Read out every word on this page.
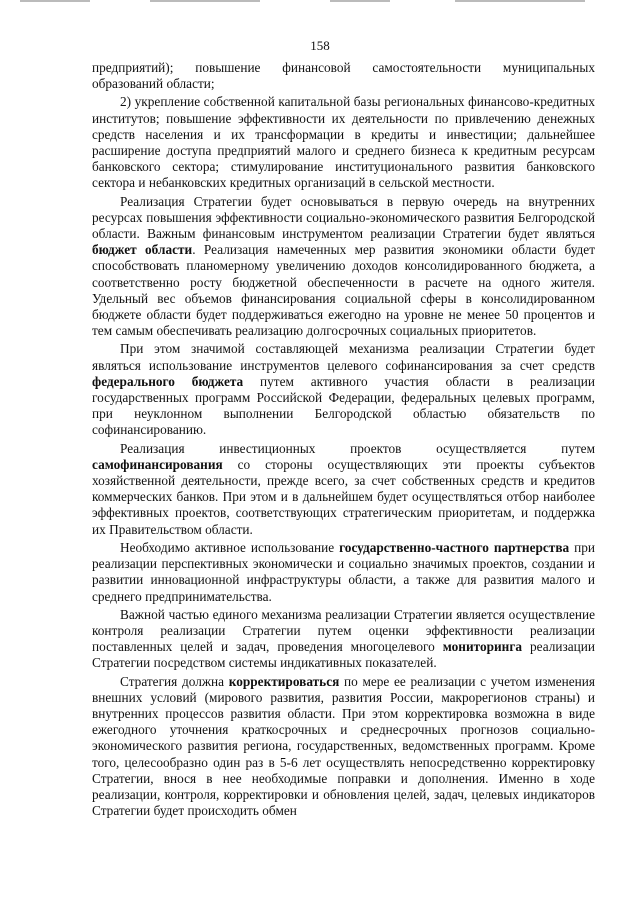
158

предприятий); повышение финансовой самостоятельности муниципальных образований области;

2) укрепление собственной капитальной базы региональных финансово-кредитных институтов; повышение эффективности их деятельности по привлечению денежных средств населения и их трансформации в кредиты и инвестиции; дальнейшее расширение доступа предприятий малого и среднего бизнеса к кредитным ресурсам банковского сектора; стимулирование институционального развития банковского сектора и небанковских кредитных организаций в сельской местности.

Реализация Стратегии будет основываться в первую очередь на внутренних ресурсах повышения эффективности социально-экономического развития Белгородской области. Важным финансовым инструментом реализации Стратегии будет являться бюджет области. Реализация намеченных мер развития экономики области будет способствовать планомерному увеличению доходов консолидированного бюджета, а соответственно росту бюджетной обеспеченности в расчете на одного жителя. Удельный вес объемов финансирования социальной сферы в консолидированном бюджете области будет поддерживаться ежегодно на уровне не менее 50 процентов и тем самым обеспечивать реализацию долгосрочных социальных приоритетов.

При этом значимой составляющей механизма реализации Стратегии будет являться использование инструментов целевого софинансирования за счет средств федерального бюджета путем активного участия области в реализации государственных программ Российской Федерации, федеральных целевых программ, при неуклонном выполнении Белгородской областью обязательств по софинансированию.

Реализация инвестиционных проектов осуществляется путем самофинансирования со стороны осуществляющих эти проекты субъектов хозяйственной деятельности, прежде всего, за счет собственных средств и кредитов коммерческих банков. При этом и в дальнейшем будет осуществляться отбор наиболее эффективных проектов, соответствующих стратегическим приоритетам, и поддержка их Правительством области.

Необходимо активное использование государственно-частного партнерства при реализации перспективных экономически и социально значимых проектов, создании и развитии инновационной инфраструктуры области, а также для развития малого и среднего предпринимательства.

Важной частью единого механизма реализации Стратегии является осуществление контроля реализации Стратегии путем оценки эффективности реализации поставленных целей и задач, проведения многоцелевого мониторинга реализации Стратегии посредством системы индикативных показателей.

Стратегия должна корректироваться по мере ее реализации с учетом изменения внешних условий (мирового развития, развития России, макрорегионов страны) и внутренних процессов развития области. При этом корректировка возможна в виде ежегодного уточнения краткосрочных и среднесрочных прогнозов социально-экономического развития региона, государственных, ведомственных программ. Кроме того, целесообразно один раз в 5-6 лет осуществлять непосредственно корректировку Стратегии, внося в нее необходимые поправки и дополнения. Именно в ходе реализации, контроля, корректировки и обновления целей, задач, целевых индикаторов Стратегии будет происходить обмен
